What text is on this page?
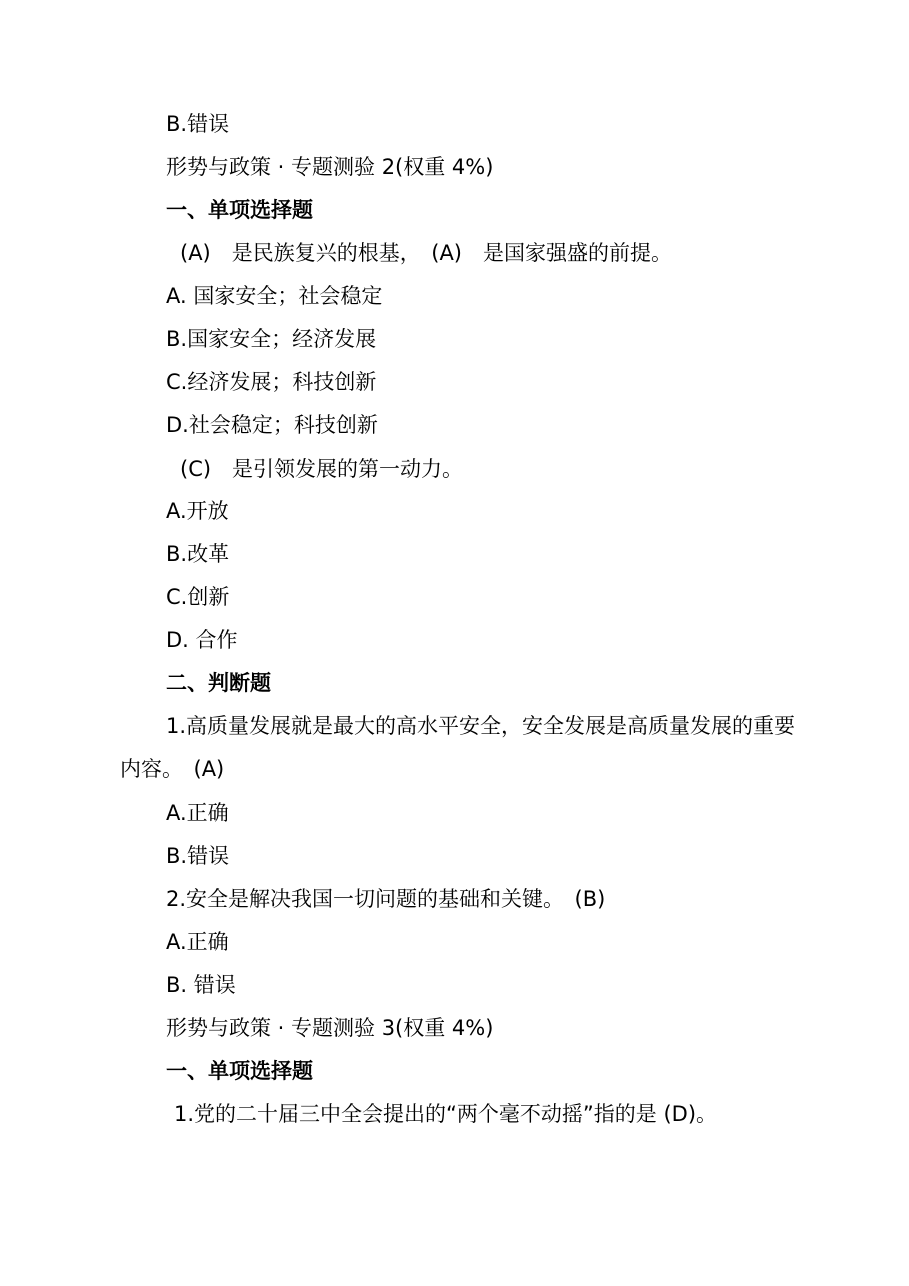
B.错误
形势与政策 · 专题测验 2(权重 4%)
一、单项选择题
(A)　是民族复兴的根基，　(A)　是国家强盛的前提。
A. 国家安全；社会稳定
B.国家安全；经济发展
C.经济发展；科技创新
D.社会稳定；科技创新
(C)　是引领发展的第一动力。
A.开放
B.改革
C.创新
D. 合作
二、判断题
1.高质量发展就是最大的高水平安全，安全发展是高质量发展的重要内容。　(A)
A.正确
B.错误
2.安全是解决我国一切问题的基础和关键。　(B)
A.正确
B. 错误
形势与政策 · 专题测验 3(权重 4%)
一、单项选择题
1.党的二十届三中全会提出的“两个毫不动摇”指的是 (D)。
